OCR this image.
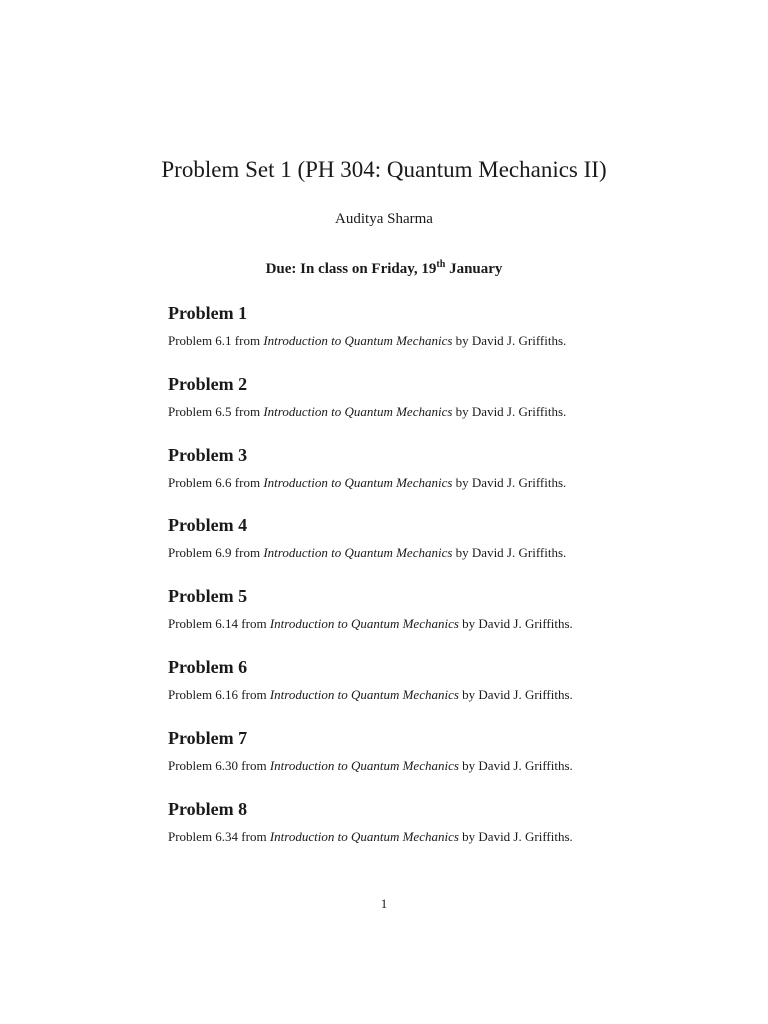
Problem Set 1 (PH 304: Quantum Mechanics II)
Auditya Sharma
Due: In class on Friday, 19th January
Problem 1

Problem 6.1 from Introduction to Quantum Mechanics by David J. Griffiths.

Problem 2

Problem 6.5 from Introduction to Quantum Mechanics by David J. Griffiths.

Problem 3

Problem 6.6 from Introduction to Quantum Mechanics by David J. Griffiths.

Problem 4

Problem 6.9 from Introduction to Quantum Mechanics by David J. Griffiths.

Problem 5

Problem 6.14 from Introduction to Quantum Mechanics by David J. Griffiths.

Problem 6

Problem 6.16 from Introduction to Quantum Mechanics by David J. Griffiths.

Problem 7

Problem 6.30 from Introduction to Quantum Mechanics by David J. Griffiths.

Problem 8

Problem 6.34 from Introduction to Quantum Mechanics by David J. Griffiths.

1
